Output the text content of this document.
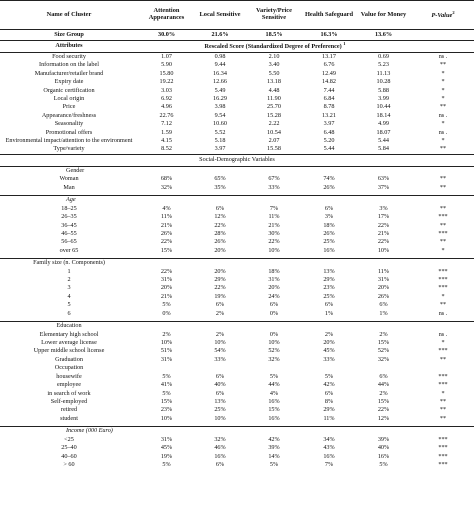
Name of Cluster	Attention Appearances	Local Sensitive	Variety/Price Sensitive	Health Safeguard	Value for Money	P-Value$^2$
Size Group	30.0%	21.6%	18.5%	16.3%	13.6%	
Attributes	Rescaled Score (Standardized Degree of Preference) $^1$	
Food security	1.07	0.98	2.10	13.17	0.69	ns .
Information on the label	5.90	9.44	3.40	6.76	5.23	**
Manufacturer/retailer brand	15.80	16.34	5.50	12.49	11.13	*
Expiry date	19.22	12.66	13.18	14.82	10.28	*
Organic certification	3.03	5.49	4.48	7.44	5.88	*
Local origin	6.92	16.29	11.90	6.84	3.99	*
Price	4.96	3.98	25.70	8.78	10.44	**
Appearance/freshness	22.76	9.54	15.28	13.21	18.14	ns .
Seasonality	7.12	10.60	2.22	3.97	4.99	*
Promotional offers	1.59	5.52	10.54	6.48	18.07	ns .
Environmental impact/attention to the environment	4.15	5.18	2.07	5.20	5.44	*
Type/variety	8.52	3.97	15.58	5.44	5.84	**
Social-Demographic Variables						
Gender						
Woman	68%	65%	67%	74%	63%	**
Man	32%	35%	33%	26%	37%	**

Age						
18–25	4%	6%	7%	6%	3%	**
26–35	11%	12%	11%	3%	17%	***
36–45	21%	22%	21%	18%	22%	**
46–55	26%	28%	30%	26%	21%	***
56–65	22%	26%	22%	25%	22%	**
over 65	15%	20%	10%	16%	10%	*

Family size (n. Components)						
1	22%	20%	18%	13%	11%	***
2	31%	29%	31%	29%	31%	***
3	20%	22%	20%	23%	20%	***
4	21%	19%	24%	25%	26%	*
5	5%	6%	6%	6%	6%	**
6	0%	2%	0%	1%	1%	ns .

Education						
Elementary high school	2%	2%	0%	2%	2%	ns .
Lower average license	10%	10%	10%	20%	15%	*
Upper middle school license	51%	54%	52%	45%	52%	***
Graduation	31%	33%	32%	33%	32%	**
Occupation						
housewife	5%	6%	5%	5%	6%	***
employee	41%	40%	44%	42%	44%	***
in search of work	5%	6%	4%	6%	2%	*
Self-employed	15%	13%	16%	8%	15%	**
retired	23%	25%	15%	29%	22%	**
student	10%	10%	16%	11%	12%	**

Income (000 Euro)						
<25	31%	32%	42%	34%	39%	***
25–40	45%	46%	39%	43%	40%	***
40–60	19%	16%	14%	16%	16%	***
> 60	5%	6%	5%	7%	5%	***
